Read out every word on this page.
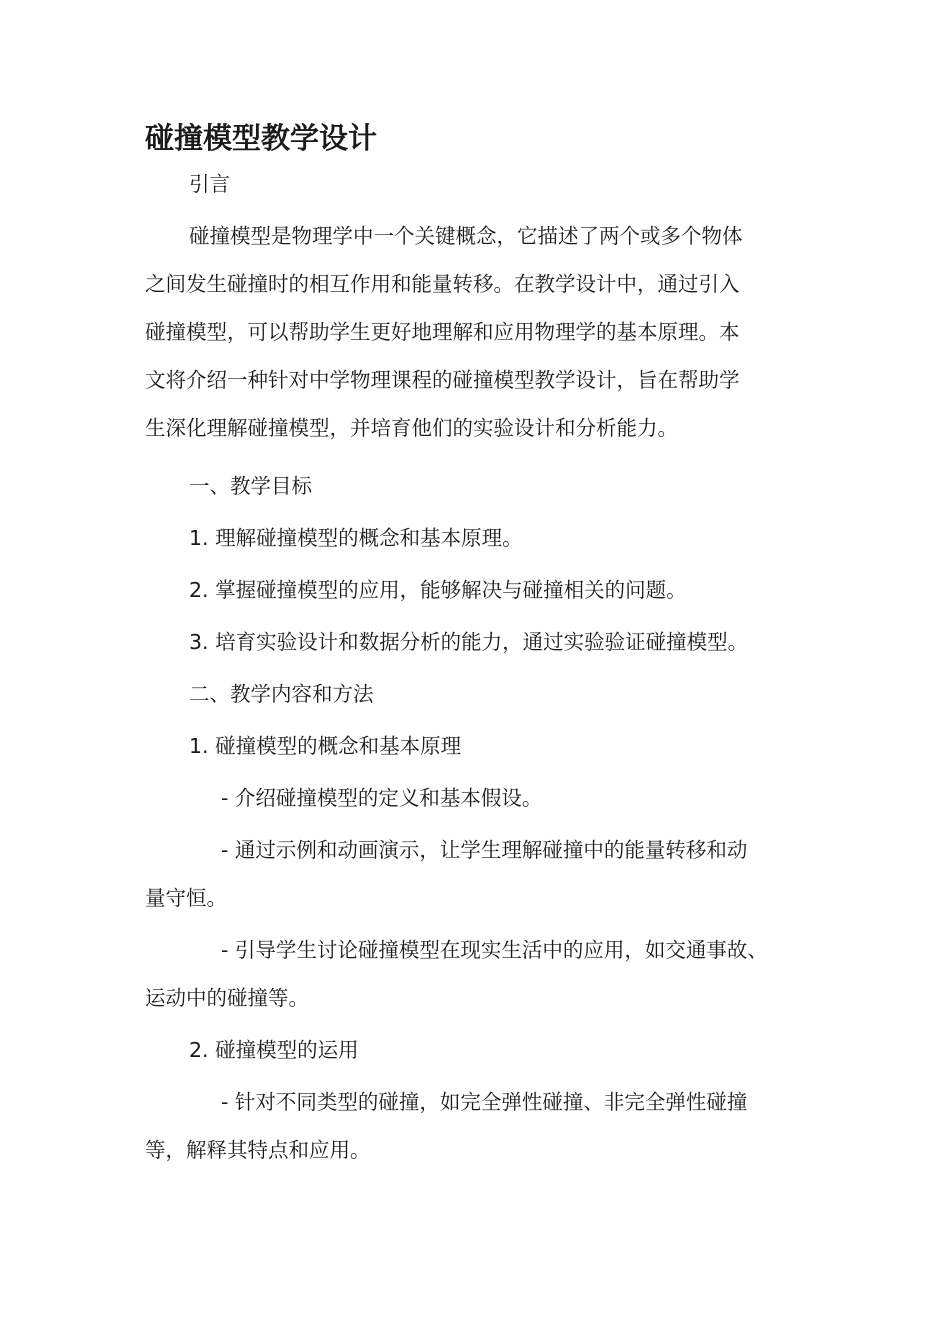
碰撞模型教学设计

引言

碰撞模型是物理学中一个关键概念，它描述了两个或多个物体

之间发生碰撞时的相互作用和能量转移。在教学设计中，通过引入

碰撞模型，可以帮助学生更好地理解和应用物理学的基本原理。本

文将介绍一种针对中学物理课程的碰撞模型教学设计，旨在帮助学

生深化理解碰撞模型，并培育他们的实验设计和分析能力。

一、教学目标

1. 理解碰撞模型的概念和基本原理。

2. 掌握碰撞模型的应用，能够解决与碰撞相关的问题。

3. 培育实验设计和数据分析的能力，通过实验验证碰撞模型。

二、教学内容和方法

1. 碰撞模型的概念和基本原理

- 介绍碰撞模型的定义和基本假设。

- 通过示例和动画演示，让学生理解碰撞中的能量转移和动

量守恒。

- 引导学生讨论碰撞模型在现实生活中的应用，如交通事故、

运动中的碰撞等。

2. 碰撞模型的运用

- 针对不同类型的碰撞，如完全弹性碰撞、非完全弹性碰撞

等，解释其特点和应用。
